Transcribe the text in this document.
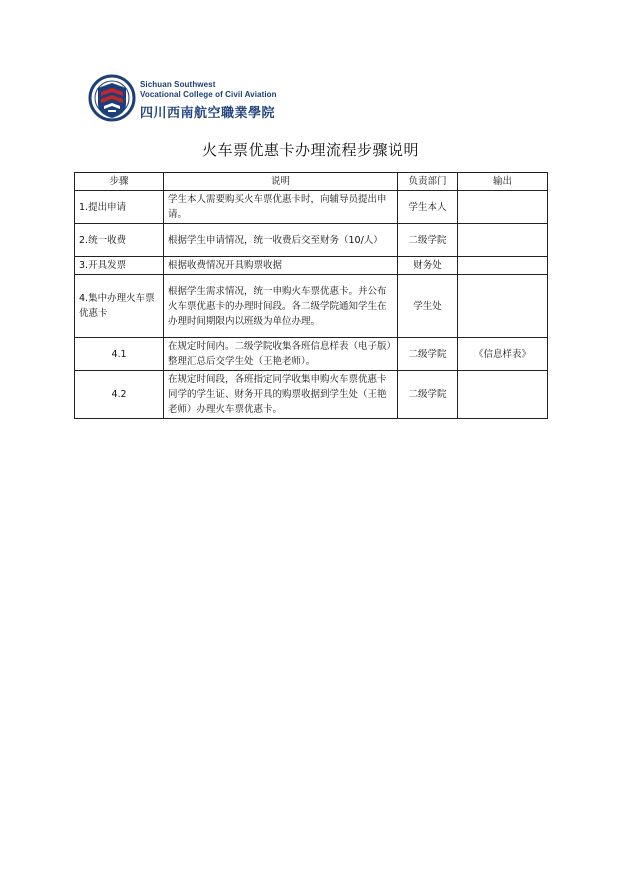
Sichuan Southwest
Vocational College of Civil Aviation
四川西南航空職業學院
火车票优惠卡办理流程步骤说明
步骤	说明	负责部门	输出
1.提出申请	学生本人需要购买火车票优惠卡时，向辅导员提出申请。	学生本人	
2.统一收费	根据学生申请情况，统一收费后交至财务（10/人）	二级学院	
3.开具发票	根据收费情况开具购票收据	财务处	
4.集中办理火车票优惠卡	根据学生需求情况，统一申购火车票优惠卡。并公布火车票优惠卡的办理时间段。各二级学院通知学生在办理时间期限内以班级为单位办理。	学生处	
4.1	在规定时间内。二级学院收集各班信息样表（电子版）整理汇总后交学生处（王艳老师）。	二级学院	《信息样表》
4.2	在规定时间段，各班指定同学收集申购火车票优惠卡同学的学生证、财务开具的购票收据到学生处（王艳老师）办理火车票优惠卡。	二级学院	
